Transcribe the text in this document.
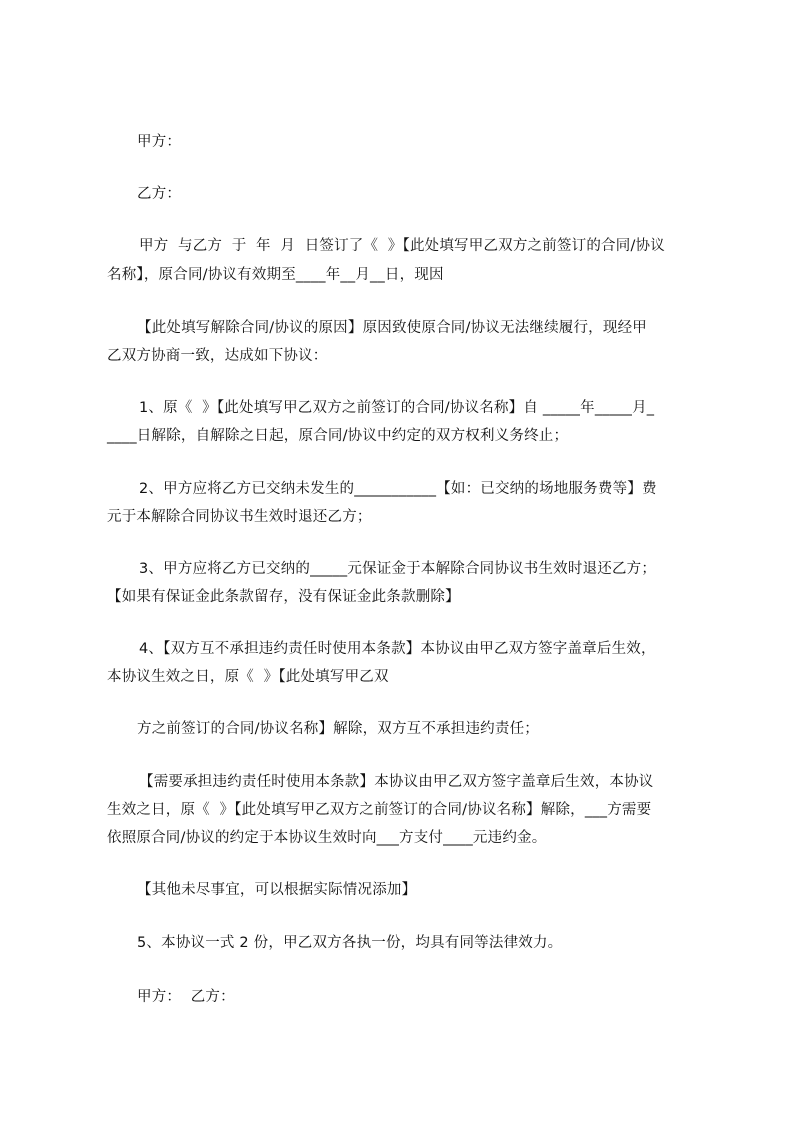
甲方：
乙方：
甲方  与乙方  于  年  月  日签订了《  》【此处填写甲乙双方之前签订的合同/协议
名称】，原合同/协议有效期至____年__月__日，现因
【此处填写解除合同/协议的原因】原因致使原合同/协议无法继续履行，现经甲
乙双方协商一致，达成如下协议：
1、原《  》【此处填写甲乙双方之前签订的合同/协议名称】自 _____年_____月_
____日解除，自解除之日起，原合同/协议中约定的双方权利义务终止；
2、甲方应将乙方已交纳未发生的___________【如：已交纳的场地服务费等】费
元于本解除合同协议书生效时退还乙方；
3、甲方应将乙方已交纳的_____元保证金于本解除合同协议书生效时退还乙方；
【如果有保证金此条款留存，没有保证金此条款删除】
4、【双方互不承担违约责任时使用本条款】本协议由甲乙双方签字盖章后生效，
本协议生效之日，原《  》【此处填写甲乙双
方之前签订的合同/协议名称】解除，双方互不承担违约责任；
【需要承担违约责任时使用本条款】本协议由甲乙双方签字盖章后生效，本协议
生效之日，原《  》【此处填写甲乙双方之前签订的合同/协议名称】解除，___方需要
依照原合同/协议的约定于本协议生效时向___方支付____元违约金。
【其他未尽事宜，可以根据实际情况添加】
5、本协议一式 2 份，甲乙双方各执一份，均具有同等法律效力。
甲方：  乙方：
